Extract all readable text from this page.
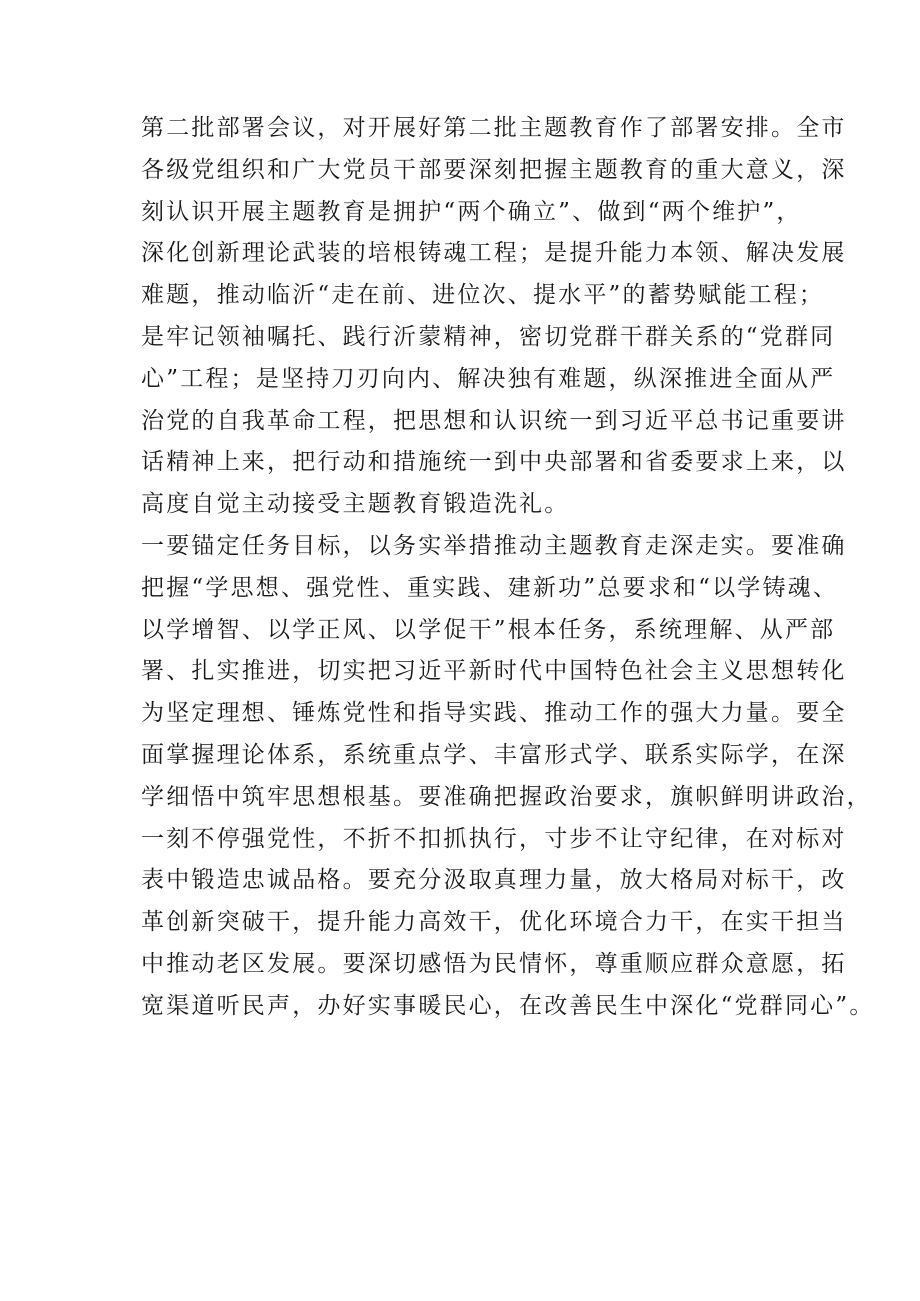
第二批部署会议，对开展好第二批主题教育作了部署安排。全市
各级党组织和广大党员干部要深刻把握主题教育的重大意义，深
刻认识开展主题教育是拥护“两个确立”、做到“两个维护”，
深化创新理论武装的培根铸魂工程；是提升能力本领、解决发展
难题，推动临沂“走在前、进位次、提水平”的蓄势赋能工程；
是牢记领袖嘱托、践行沂蒙精神，密切党群干群关系的“党群同
心”工程；是坚持刀刃向内、解决独有难题，纵深推进全面从严
治党的自我革命工程，把思想和认识统一到习近平总书记重要讲
话精神上来，把行动和措施统一到中央部署和省委要求上来，以
高度自觉主动接受主题教育锻造洗礼。
一要锚定任务目标，以务实举措推动主题教育走深走实。要准确
把握“学思想、强党性、重实践、建新功”总要求和“以学铸魂、
以学增智、以学正风、以学促干”根本任务，系统理解、从严部
署、扎实推进，切实把习近平新时代中国特色社会主义思想转化
为坚定理想、锤炼党性和指导实践、推动工作的强大力量。要全
面掌握理论体系，系统重点学、丰富形式学、联系实际学，在深
学细悟中筑牢思想根基。要准确把握政治要求，旗帜鲜明讲政治，
一刻不停强党性，不折不扣抓执行，寸步不让守纪律，在对标对
表中锻造忠诚品格。要充分汲取真理力量，放大格局对标干，改
革创新突破干，提升能力高效干，优化环境合力干，在实干担当
中推动老区发展。要深切感悟为民情怀，尊重顺应群众意愿，拓
宽渠道听民声，办好实事暖民心，在改善民生中深化“党群同心”。
